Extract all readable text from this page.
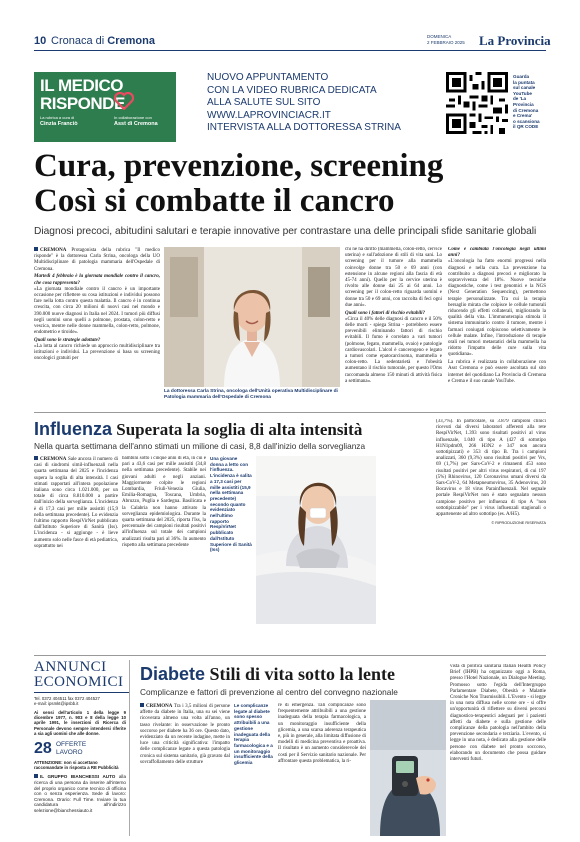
10 Cronaca di Cremona	DOMENICA
2 FEBBRAIO 2025 La Provincia
IL MEDICO
RISPONDE
La rubrica a cura di
Cinzia Franciò
In collaborazione con
Asst di Cremona
NUOVO APPUNTAMENTO
CON LA VIDEO RUBRICA DEDICATA
ALLA SALUTE SUL SITO
WWW.LAPROVINCIACR.IT
INTERVISTA ALLA DOTTORESSA STRINA
Guarda
la puntata
sul canale
YouTube
de 'La
Provincia
di Cremona
e Crema'
o scansiona
il QR CODE
Cura, prevenzione, screening
Così si combatte il cancro
Diagnosi precoci, abitudini salutari e terapie innovative per contrastare una delle principali sfide sanitarie globali

CREMONA Protagonista della rubrica "Il medico risponde" è la dottoressa Carla Strina, oncologa della UO Multidisciplinare di patologia mammaria dell'Ospedale di Cremona.

Martedì 4 febbraio è la giornata mondiale contro il cancro, che cosa rappresenta?

«La giornata mondiale contro il cancro è un importante occasione per riflettere su cosa istituzioni e individui possono fare nella lotta contro questa malattia. Il cancro è in continua crescita, con circa 20 milioni di nuovi casi nel mondo e 390.000 nuove diagnosi in Italia nel 2024. I tumori più diffusi negli uomini sono quelli a polmone, prostata, colon-retto e vescica, mentre nelle donne mammella, colon-retto, polmone, endometrio e tiroide».

Quali sono le strategie adottate?

«La lotta al cancro richiede un approccio multidisciplinare tra istituzioni e individui. La prevenzione si basa su screening oncologici gratuiti per

La dottoressa Carla Strina, oncologa dell'Unità operativa Multidisciplinare di Patologia mammaria dell'Ospedale di Cremona

chi ne ha diritto (mammella, colon-retto, cervice uterina) e sull'adozione di stili di vita sani. Lo screening per il tumore alla mammella coinvolge donne tra 50 e 69 anni (con estensione in alcune regioni alla fascia di età 45-74 anni). Quello per la cervice uterina è rivolto alle donne dai 25 ai 64 anni. Lo screening per il colon-retto riguarda uomini e donne tra 50 e 69 anni, con raccolta di feci ogni due anni».

Quali sono i fattori di rischio evitabili?

«Circa il 40% delle diagnosi di cancro e il 50% delle morti - spiega Strina - potrebbero essere prevenibili eliminando fattori di rischio evitabili. Il fumo è correlato a vari tumori (polmone, fegato, mammella, ovaio) e patologie cardiovascolari. L'alcol è cancerogeno e legato a tumori come epatocarcinoma, mammella e colon-retto. La sedentarietà e l'obesità aumentano il rischio tumorale, per questo l'Oms raccomanda almeno 150 minuti di attività fisica a settimana».

Come è cambiata l'oncologia negli ultimi anni?

«L'oncologia ha fatto enormi progressi nella diagnosi e nella cura. La prevenzione ha contribuito a diagnosi precoci e migliorato la sopravvivenza del 18%. Nuove tecniche diagnostiche, come i test genomici e la NGS (Next Generation Sequencing), permettono terapie personalizzate. Tra cui la terapia bersaglio mirata che colpisce le cellule tumorali riducendo gli effetti collaterali, migliorando la qualità della vita. L'immunoterapia stimola il sistema immunitario contro il tumore, mentre i farmaci coniugati colpiscono selettivamente le cellule malate. Infine, l'introduzione di terapie orali nei tumori metastatici della mammella ha ridotto l'impatto delle cure sulla vita quotidiana».

La rubrica è realizzata in collaborazione con Asst Cremona e può essere ascoltata sul sito internet del quotidiano La Provincia di Cremona e Crema e il suo canale YouTube.

Influenza Superata la soglia di alta intensità
Nella quarta settimana dell'anno stimati un milione di casi, 8,8 dall'inizio della sorveglianza

CREMONA Sale ancora il numero di casi di sindromi simil-influenzali nella quarta settimana del 2025 e l'incidenza supera la soglia di alta intensità. I casi stimati rapportati all'intera popolazione italiana sono circa 1.021.000, per un totale di circa 8.810.000 a partire dall'inizio della sorveglianza. L'incidenza è di 17,3 casi per mille assistiti (15,9 nella settimana precedente). Lo evidenzia l'ultimo rapporto RespiVirNet pubblicato dall'Istituto Superiore di Sanità (Iss). L'incidenza - si aggiunge - è lieve aumento solo nelle fasce di età pediatrica, soprattutto nei

bambini sotto i cinque anni di età, in cui è pari a 43,6 casi per mille assistiti (34,8 nella settimana precedente). Stabile nei giovani adulti e negli anziani. Maggiormente colpite le regioni Lombardia, Friuli-Venezia Giulia, Emilia-Romagna, Toscana, Umbria, Abruzzo, Puglia e Sardegna. Basilicata e la Calabria non hanno attivato la sorveglianza epidemiologica. Durante la quarta settimana del 2025, riporta l'Iss, la percentuale dei campioni risultati positivi all'influenza sul totale dei campioni analizzati risulta pari al 36%. In aumento rispetto alla settimana precedente

Una giovane donna a letto con l'influenza. L'incidenza è salita a 17,3 casi per mille assistiti (15,9 nella settimana precedente) secondo quanto evidenziato nell'ultimo rapporto RespiVirNet pubblicato dall'Istituto Superiore di Sanità (Iss)

(33,7%). In particolare, su 3.879 campioni clinici ricevuti dai diversi laboratori afferenti alla rete RespiVirNet, 1.393 sono risultati positivi al virus influenzale, 1.040 di tipo A (427 di sottotipo H1N1pdm09, 266 H3N2 e 347 non ancora sottotipizzati) e 353 di tipo B. Tra i campioni analizzati, 360 (9,3%) sono risultati positivi per Vrs, 69 (1,7%) per Sars-CoV-2 e rimanenti 453 sono risultati positivi per altri virus respiratori, di cui 197 (5%) Rhinovirus, 120 Coronavirus umani diversi da Sars-CoV-2, 64 Metapneumovirus, 35 Adenovirus, 20 Bocavirus e 18 virus Parainfluenzali. Nel segnale portale RespiVirNet non è stato segnalato nessun campione positivo per influenza di tipo A "non sottotipizzabile" per i virus influenzali stagionali o appartenente ad altro sottotipo (es. A/H5).

© RIPRODUZIONE RISERVATA

ANNUNCI
ECONOMICI
Tel. 0372 404511 fax 0372 404527
e-mail: ipsmkt@ipsbb.it
Ai sensi dell'articolo 1 della legge 9 dicembre 1977, n. 903 e 8 della legge 10 aprile 1991, le inserzioni di Ricerca di Personale devono sempre intendersi riferite a sia agli uomini che alle donne.
28 OFFERTE
LAVORO
ATTENZIONE: non si accettano raccomandate in risposta a RE Pubblicità
IL GRUPPO BIANCHESSI AUTO alla ricerca di una persona da inserire all'interno del proprio organico come tecnico di officina con o senza esperienza. Sede di lavoro: Cremona. Orario: Full Time. Inviare la tua candidatura all'indirizzo selezione@bianchessiauto.it
Diabete Stili di vita sotto la lente
Complicanze e fattori di prevenzione al centro del convegno nazionale

CREMONA Tra i 3,5 milioni di persone affette da diabete in Italia, una su sei viene ricoverata almeno una volta all'anno, un tasso rivelante: in osservazione le pronto soccorso per diabete ha 36 ore. Questo dato, evidenziato da un recente indagine, mette in luce una criticità significativa: l'impatto delle complicanze legate a questa patologia cronica sul sistema sanitario, già gravato dal sovraffollamento delle strutture

Le complicanze legate al diabete sono spesso attribuibili a una gestione inadeguata della terapia farmacologica e a un monitoraggio insufficiente della glicemia

re di emergenza. Tali complicanze sono frequentemente attribuibili a una gestione inadeguata della terapia farmacologica, a un monitoraggio insufficiente della glicemia, a una scarsa aderenza terapeutica e, più in generale, alla limitata diffusione di modelli di medicina preventiva e proattiva. Il risultato è un aumento considerevole dei costi per il Servizio sanitario nazionale. Per affrontare questa problematica, la ri-

vista di politica sanitaria Italian Health Policy Brief (IHPB) ha organizzato oggi a Roma, presso l'Hotel Nazionale, un Dialogue Meeting. Promosso sotto l'egida dell'Intergruppo Parlamentare Diabete, Obesità e Malattie Croniche Non Trasmissibili. L'Evento - si legge in una nota diffusa nelle scorse ore - si offre un'opportunità di riflettere su diversi percorsi diagnostico-terapeutici adeguati per i pazienti affetti da diabete e sulla gestione delle complicanze della patologia nell'ambito della prevenzione secondaria e terziaria. L'evento, si legge in una nota, è dedicato alla gestione delle persone con diabete nel pronto soccorso, elaborando un documento che possa guidare interventi futuri.
